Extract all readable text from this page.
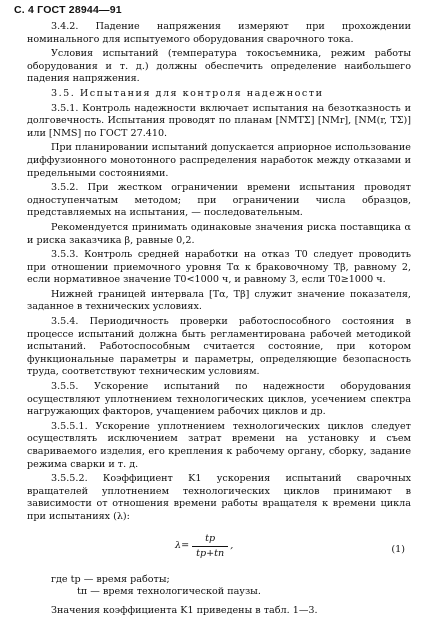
С. 4 ГОСТ 28944—91

3.4.2. Падение напряжения измеряют при прохождении номинального для испытуемого оборудования сварочного тока.

Условия испытаний (температура токосъемника, режим работы оборудования и т. д.) должны обеспечить определение наибольшего падения напряжения.

3.5. Испытания для контроля надежности

3.5.1. Контроль надежности включает испытания на безотказность и долговечность. Испытания проводят по планам [NMTΣ] [NMr], [NM(r, TΣ)] или [NMS] по ГОСТ 27.410.

При планировании испытаний допускается априорное использование диффузионного монотонного распределения наработок между отказами и предельными состояниями.

3.5.2. При жестком ограничении времени испытания проводят одноступенчатым методом; при ограничении числа образцов, представляемых на испытания, — последовательным.

Рекомендуется принимать одинаковые значения риска поставщика α и риска заказчика β, равные 0,2.

3.5.3. Контроль средней наработки на отказ T0 следует проводить при отношении приемочного уровня Tα к браковочному Tβ, равному 2, если нормативное значение T0<1000 ч, и равному 3, если T0≥1000 ч.

Нижней границей интервала [Tα, Tβ] служит значение показателя, заданное в технических условиях.

3.5.4. Периодичность проверки работоспособного состояния в процессе испытаний должна быть регламентирована рабочей методикой испытаний. Работоспособным считается состояние, при котором функциональные параметры и параметры, определяющие безопасность труда, соответствуют техническим условиям.

3.5.5. Ускорение испытаний по надежности оборудования осуществляют уплотнением технологических циклов, усечением спектра нагружающих факторов, учащением рабочих циклов и др.

3.5.5.1. Ускорение уплотнением технологических циклов следует осуществлять исключением затрат времени на установку и съем свариваемого изделия, его крепления к рабочему органу, сборку, задание режима сварки и т. д.

3.5.5.2. Коэффициент K1 ускорения испытаний сварочных вращателей уплотнением технологических циклов принимают в зависимости от отношения времени работы вращателя к времени цикла при испытаниях (λ):

$\lambda= \frac{tр}{tр+tп}$ ,	(1)

где tр — время работы;
tп — время технологической паузы.

Значения коэффициента K1 приведены в табл. 1—3.
